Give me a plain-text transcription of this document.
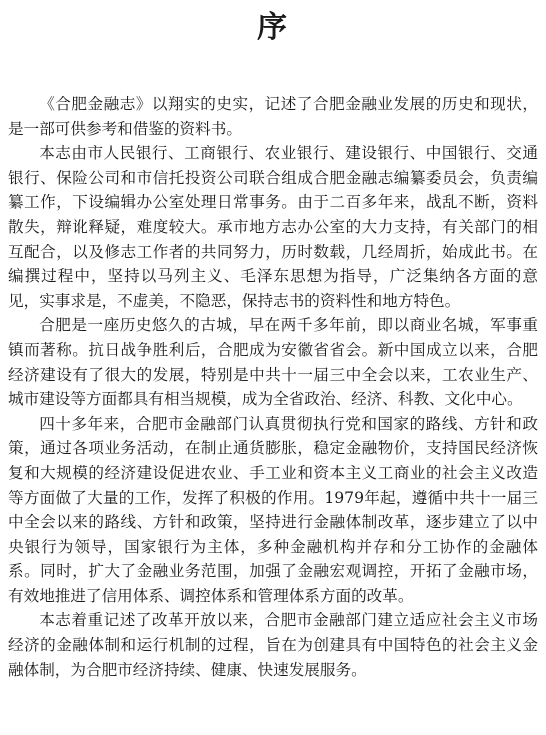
序

《合肥金融志》以翔实的史实，记述了合肥金融业发展的历史和现状，是一部可供参考和借鉴的资料书。

本志由市人民银行、工商银行、农业银行、建设银行、中国银行、交通银行、保险公司和市信托投资公司联合组成合肥金融志编纂委员会，负责编纂工作，下设编辑办公室处理日常事务。由于二百多年来，战乱不断，资料散失，辩讹释疑，难度较大。承市地方志办公室的大力支持，有关部门的相互配合，以及修志工作者的共同努力，历时数载，几经周折，始成此书。在编撰过程中，坚持以马列主义、毛泽东思想为指导，广泛集纳各方面的意见，实事求是，不虚美，不隐恶，保持志书的资料性和地方特色。

合肥是一座历史悠久的古城，早在两千多年前，即以商业名城，军事重镇而著称。抗日战争胜利后，合肥成为安徽省省会。新中国成立以来，合肥经济建设有了很大的发展，特别是中共十一届三中全会以来，工农业生产、城市建设等方面都具有相当规模，成为全省政治、经济、科教、文化中心。

四十多年来，合肥市金融部门认真贯彻执行党和国家的路线、方针和政策，通过各项业务活动，在制止通货膨胀，稳定金融物价，支持国民经济恢复和大规模的经济建设促进农业、手工业和资本主义工商业的社会主义改造等方面做了大量的工作，发挥了积极的作用。1979年起，遵循中共十一届三中全会以来的路线、方针和政策，坚持进行金融体制改革，逐步建立了以中央银行为领导，国家银行为主体，多种金融机构并存和分工协作的金融体系。同时，扩大了金融业务范围，加强了金融宏观调控，开拓了金融市场，有效地推进了信用体系、调控体系和管理体系方面的改革。

本志着重记述了改革开放以来，合肥市金融部门建立适应社会主义市场经济的金融体制和运行机制的过程，旨在为创建具有中国特色的社会主义金融体制，为合肥市经济持续、健康、快速发展服务。
